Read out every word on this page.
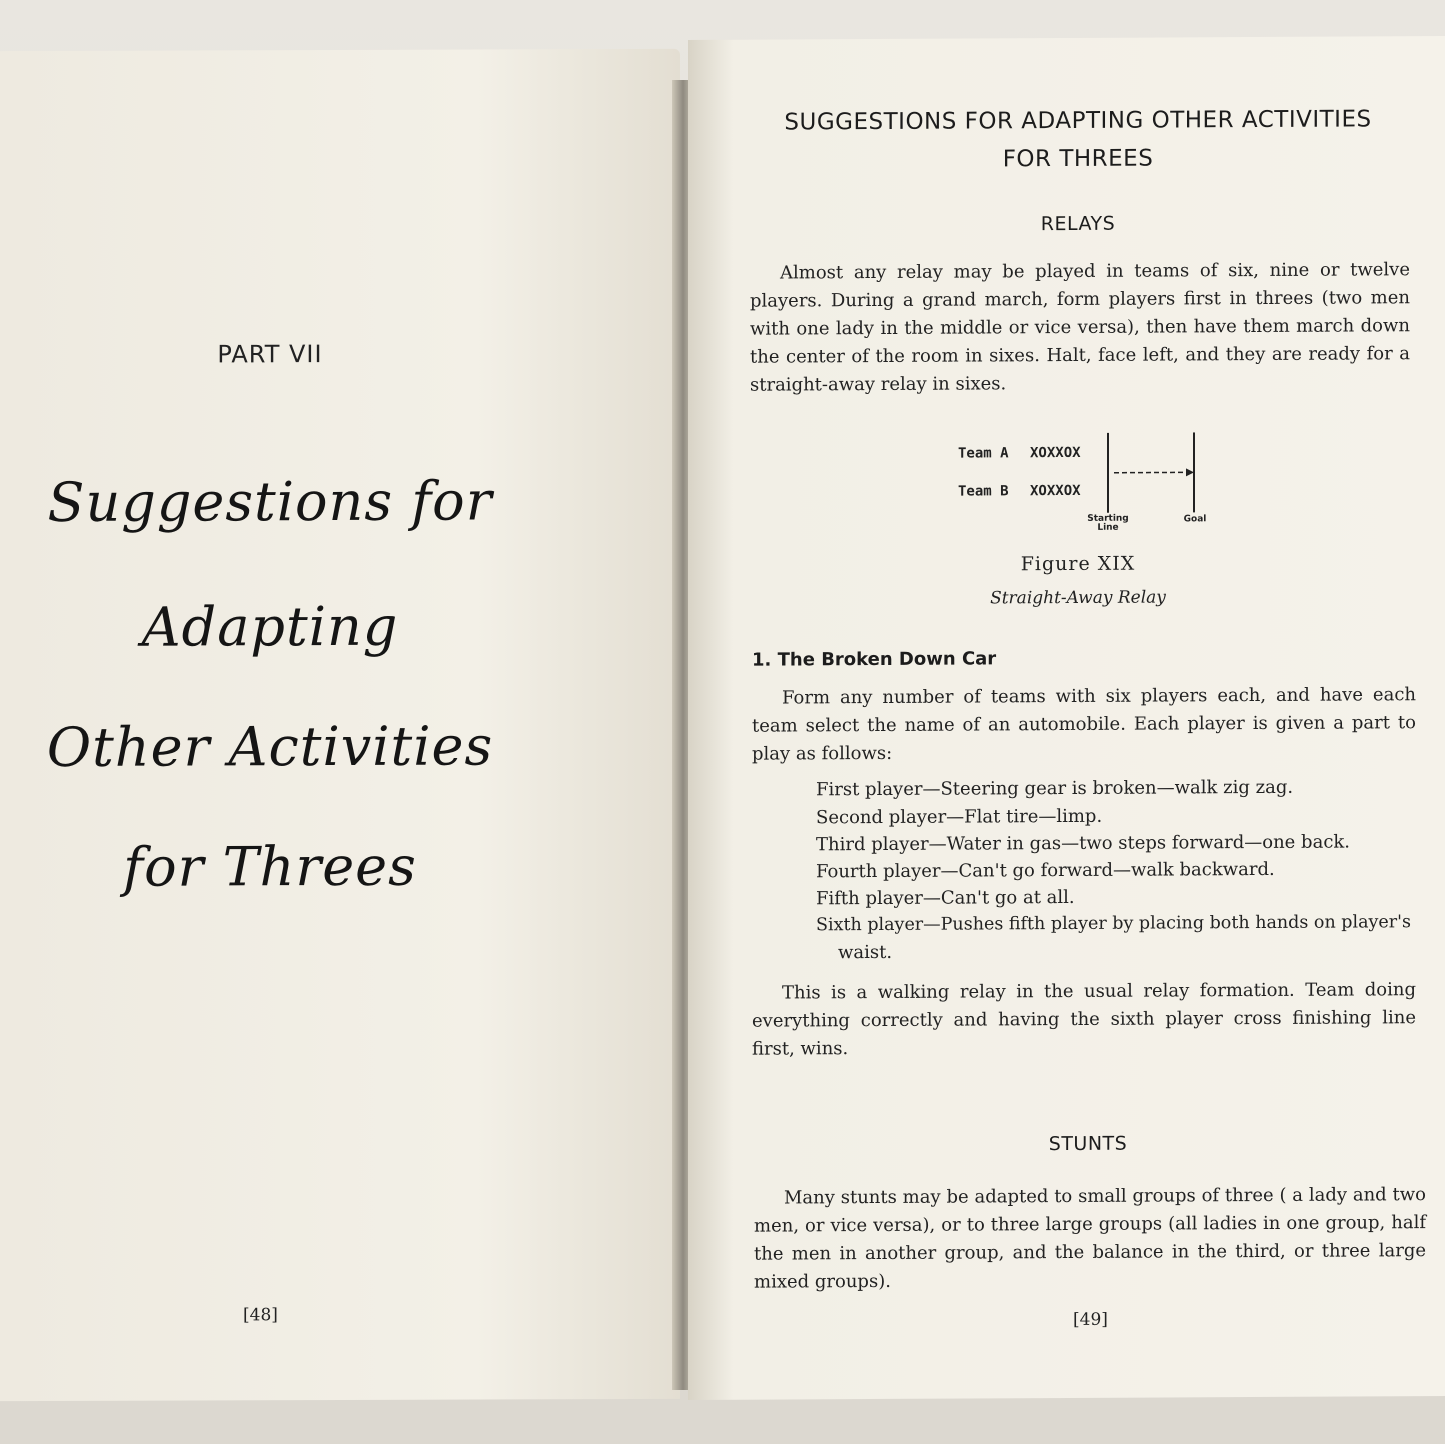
PART VII
Suggestions for
Adapting
Other Activities
for Threes
[48]
SUGGESTIONS FOR ADAPTING OTHER ACTIVITIES
FOR THREES
RELAYS

Almost any relay may be played in teams of six, nine or twelve players. During a grand march, form players first in threes (two men with one lady in the middle or vice versa), then have them march down the center of the room in sixes. Halt, face left, and they are ready for a straight-away relay in sixes.

Team A XOXXOX
Team B XOXXOX
Starting Line
Goal
Figure XIX
Straight-Away Relay
1. The Broken Down Car

Form any number of teams with six players each, and have each team select the name of an automobile. Each player is given a part to play as follows:

First player—Steering gear is broken—walk zig zag.
Second player—Flat tire—limp.
Third player—Water in gas—two steps forward—one back.
Fourth player—Can't go forward—walk backward.
Fifth player—Can't go at all.
Sixth player—Pushes fifth player by placing both hands on player's
waist.

This is a walking relay in the usual relay formation. Team doing everything correctly and having the sixth player cross finishing line first, wins.

STUNTS

Many stunts may be adapted to small groups of three ( a lady and two men, or vice versa), or to three large groups (all ladies in one group, half the men in another group, and the balance in the third, or three large mixed groups).

[49]
